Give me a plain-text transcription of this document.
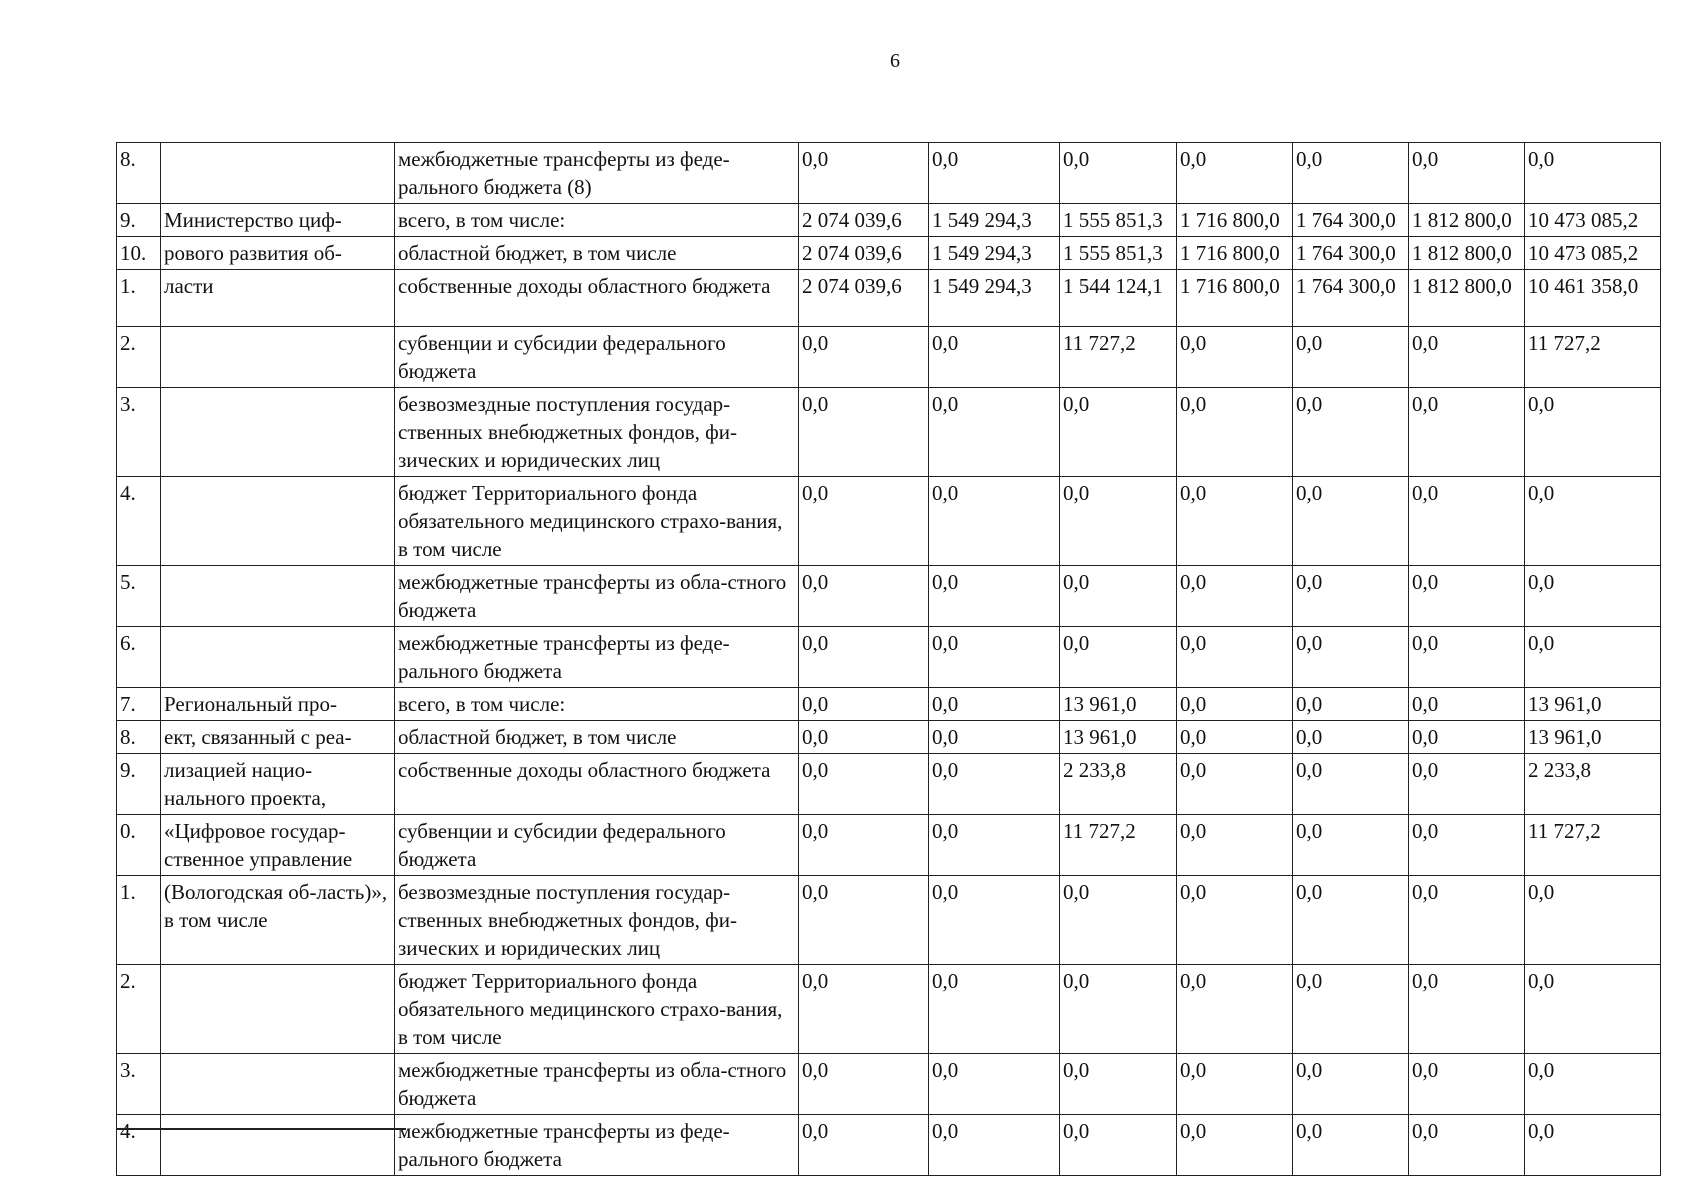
6
8.		межбюджетные трансферты из феде-ральнoго бюджета (8)	0,0	0,0	0,0	0,0	0,0	0,0	0,0
9.	Министерство циф-	всего, в том числе:	2 074 039,6	1 549 294,3	1 555 851,3	1 716 800,0	1 764 300,0	1 812 800,0	10 473 085,2
10.	рового развития об-	областной бюджет, в том числе	2 074 039,6	1 549 294,3	1 555 851,3	1 716 800,0	1 764 300,0	1 812 800,0	10 473 085,2
1.	ласти	собственные доходы областного бюджета	2 074 039,6	1 549 294,3	1 544 124,1	1 716 800,0	1 764 300,0	1 812 800,0	10 461 358,0
2.		субвенции и субсидии федерального бюджета	0,0	0,0	11 727,2	0,0	0,0	0,0	11 727,2
3.		безвозмездные поступления государ-ственных внебюджетных фондов, фи-зических и юридических лиц	0,0	0,0	0,0	0,0	0,0	0,0	0,0
4.		бюджет Территориального фонда обязательного медицинского страхо-вания, в том числе	0,0	0,0	0,0	0,0	0,0	0,0	0,0
5.		межбюджетные трансферты из обла-стного бюджета	0,0	0,0	0,0	0,0	0,0	0,0	0,0
6.		межбюджетные трансферты из феде-рального бюджета	0,0	0,0	0,0	0,0	0,0	0,0	0,0
7.	Региональный про-	всего, в том числе:	0,0	0,0	13 961,0	0,0	0,0	0,0	13 961,0
8.	ект, связанный с реа-	областной бюджет, в том числе	0,0	0,0	13 961,0	0,0	0,0	0,0	13 961,0
9.	лизацией нацио-нального проекта,	собственные доходы областного бюджета	0,0	0,0	2 233,8	0,0	0,0	0,0	2 233,8
0.	«Цифровое государ-ственное управление	субвенции и субсидии федерального бюджета	0,0	0,0	11 727,2	0,0	0,0	0,0	11 727,2
1.	(Вологодская об-ласть)», в том числе	безвозмездные поступления государ-ственных внебюджетных фондов, фи-зических и юридических лиц	0,0	0,0	0,0	0,0	0,0	0,0	0,0
2.		бюджет Территориального фонда обязательного медицинского страхо-вания, в том числе	0,0	0,0	0,0	0,0	0,0	0,0	0,0
3.		межбюджетные трансферты из обла-стного бюджета	0,0	0,0	0,0	0,0	0,0	0,0	0,0
4.		межбюджетные трансферты из феде-рального бюджета	0,0	0,0	0,0	0,0	0,0	0,0	0,0
